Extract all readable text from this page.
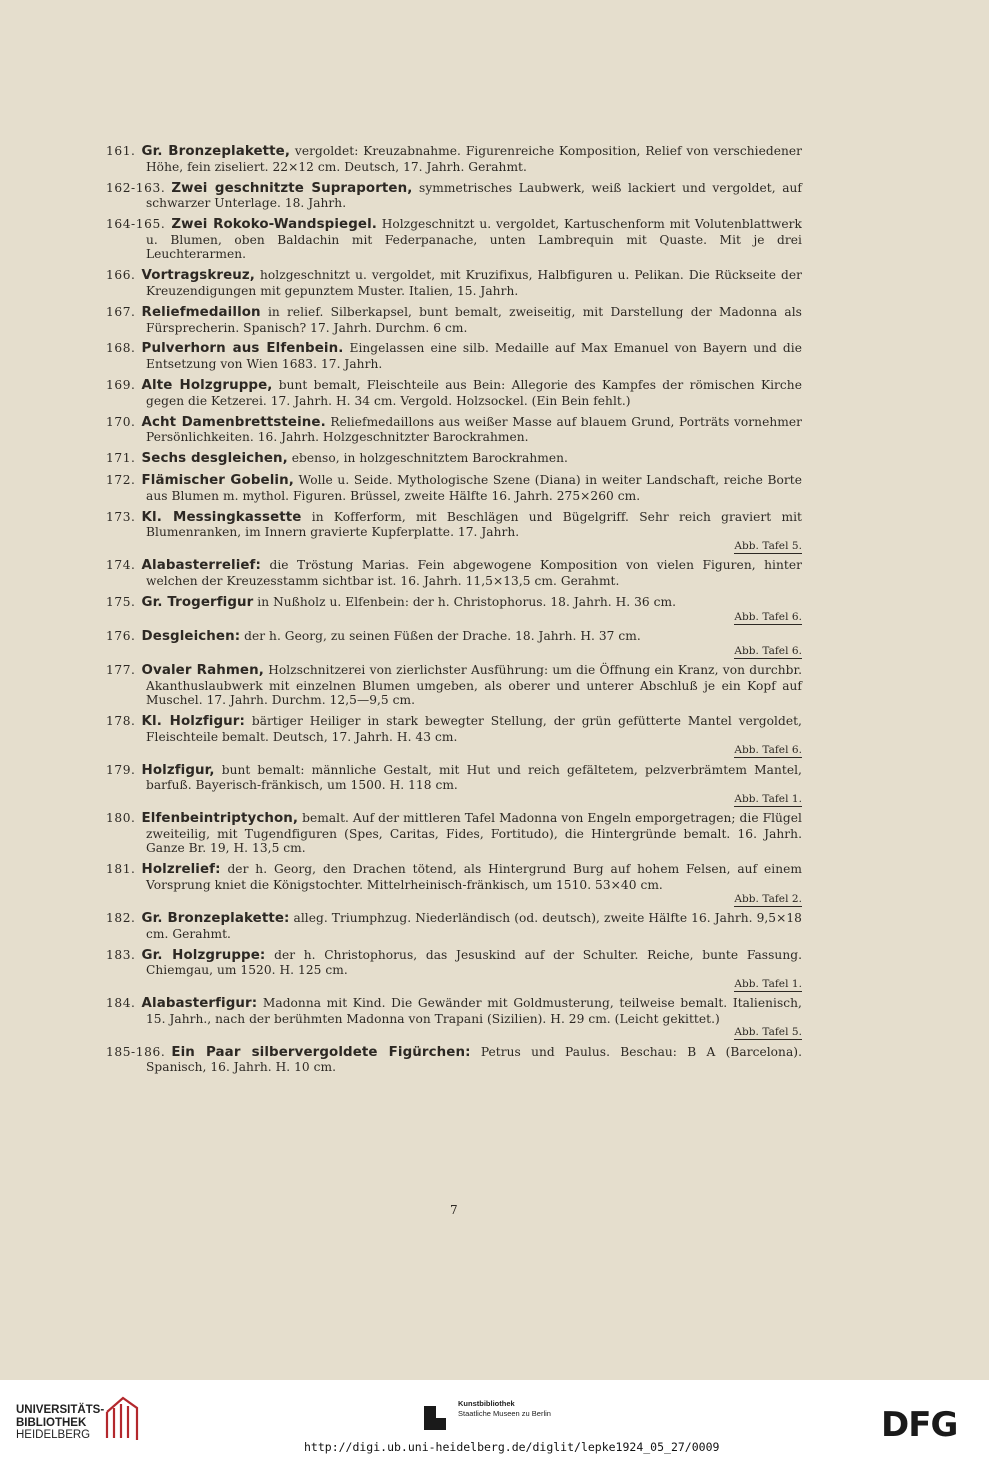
161. Gr. Bronzeplakette, vergoldet: Kreuzabnahme. Figurenreiche Komposition, Relief von verschiedener Höhe, fein ziseliert. 22×12 cm. Deutsch, 17. Jahrh. Gerahmt.
162-163. Zwei geschnitzte Supraporten, symmetrisches Laubwerk, weiß lackiert und vergoldet, auf schwarzer Unterlage. 18. Jahrh.
164-165. Zwei Rokoko-Wandspiegel. Holzgeschnitzt u. vergoldet, Kartuschenform mit Volutenblattwerk u. Blumen, oben Baldachin mit Federpanache, unten Lambrequin mit Quaste. Mit je drei Leuchterarmen.
166. Vortragskreuz, holzgeschnitzt u. vergoldet, mit Kruzifixus, Halbfiguren u. Pelikan. Die Rückseite der Kreuzendigungen mit gepunztem Muster. Italien, 15. Jahrh.
167. Reliefmedaillon in relief. Silberkapsel, bunt bemalt, zweiseitig, mit Darstellung der Madonna als Fürsprecherin. Spanisch? 17. Jahrh. Durchm. 6 cm.
168. Pulverhorn aus Elfenbein. Eingelassen eine silb. Medaille auf Max Emanuel von Bayern und die Entsetzung von Wien 1683. 17. Jahrh.
169. Alte Holzgruppe, bunt bemalt, Fleischteile aus Bein: Allegorie des Kampfes der römischen Kirche gegen die Ketzerei. 17. Jahrh. H. 34 cm. Vergold. Holzsockel. (Ein Bein fehlt.)
170. Acht Damenbrettsteine. Reliefmedaillons aus weißer Masse auf blauem Grund, Porträts vornehmer Persönlichkeiten. 16. Jahrh. Holzgeschnitzter Barockrahmen.
171. Sechs desgleichen, ebenso, in holzgeschnitztem Barockrahmen.
172. Flämischer Gobelin, Wolle u. Seide. Mythologische Szene (Diana) in weiter Landschaft, reiche Borte aus Blumen m. mythol. Figuren. Brüssel, zweite Hälfte 16. Jahrh. 275×260 cm.
173. Kl. Messingkassette in Kofferform, mit Beschlägen und Bügelgriff. Sehr reich graviert mit Blumenranken, im Innern gravierte Kupferplatte. 17. Jahrh.
Abb. Tafel 5.
174. Alabasterrelief: die Tröstung Marias. Fein abgewogene Komposition von vielen Figuren, hinter welchen der Kreuzesstamm sichtbar ist. 16. Jahrh. 11,5×13,5 cm. Gerahmt.
175. Gr. Trogerfigur in Nußholz u. Elfenbein: der h. Christophorus. 18. Jahrh. H. 36 cm.
Abb. Tafel 6.
176. Desgleichen: der h. Georg, zu seinen Füßen der Drache. 18. Jahrh. H. 37 cm.
Abb. Tafel 6.
177. Ovaler Rahmen, Holzschnitzerei von zierlichster Ausführung: um die Öffnung ein Kranz, von durchbr. Akanthuslaubwerk mit einzelnen Blumen umgeben, als oberer und unterer Abschluß je ein Kopf auf Muschel. 17. Jahrh. Durchm. 12,5—9,5 cm.
178. Kl. Holzfigur: bärtiger Heiliger in stark bewegter Stellung, der grün gefütterte Mantel vergoldet, Fleischteile bemalt. Deutsch, 17. Jahrh. H. 43 cm.
Abb. Tafel 6.
179. Holzfigur, bunt bemalt: männliche Gestalt, mit Hut und reich gefältetem, pelzverbrämtem Mantel, barfuß. Bayerisch-fränkisch, um 1500. H. 118 cm.
Abb. Tafel 1.
180. Elfenbeintriptychon, bemalt. Auf der mittleren Tafel Madonna von Engeln emporgetragen; die Flügel zweiteilig, mit Tugendfiguren (Spes, Caritas, Fides, Fortitudo), die Hintergründe bemalt. 16. Jahrh. Ganze Br. 19, H. 13,5 cm.
181. Holzrelief: der h. Georg, den Drachen tötend, als Hintergrund Burg auf hohem Felsen, auf einem Vorsprung kniet die Königstochter. Mittelrheinisch-fränkisch, um 1510. 53×40 cm.
Abb. Tafel 2.
182. Gr. Bronzeplakette: alleg. Triumphzug. Niederländisch (od. deutsch), zweite Hälfte 16. Jahrh. 9,5×18 cm. Gerahmt.
183. Gr. Holzgruppe: der h. Christophorus, das Jesuskind auf der Schulter. Reiche, bunte Fassung. Chiemgau, um 1520. H. 125 cm.
Abb. Tafel 1.
184. Alabasterfigur: Madonna mit Kind. Die Gewänder mit Goldmusterung, teilweise bemalt. Italienisch, 15. Jahrh., nach der berühmten Madonna von Trapani (Sizilien). H. 29 cm. (Leicht gekittet.)
Abb. Tafel 5.
185-186. Ein Paar silbervergoldete Figürchen: Petrus und Paulus. Beschau: B A (Barcelona). Spanisch, 16. Jahrh. H. 10 cm.
7
UNIVERSITÄTS-
BIBLIOTHEK
HEIDELBERG
Kunstbibliothek
Staatliche Museen zu Berlin	DFG
http://digi.ub.uni-heidelberg.de/diglit/lepke1924_05_27/0009
